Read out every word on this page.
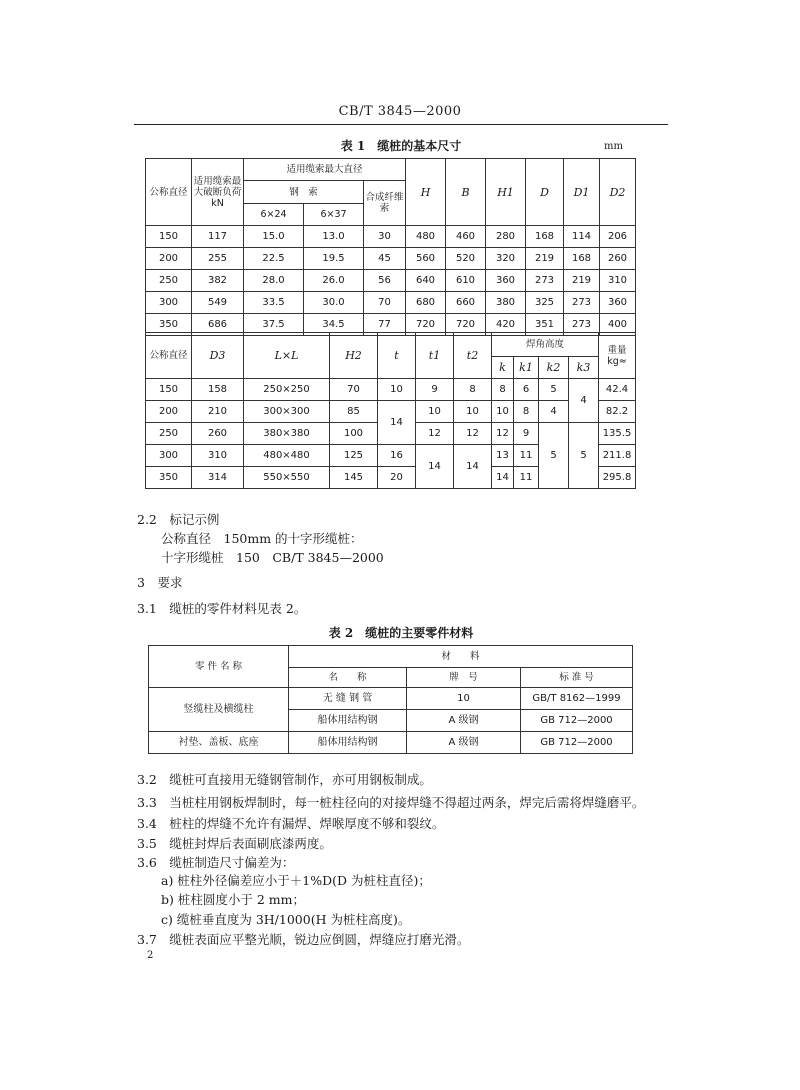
CB/T 3845—2000
表 1　缆桩的基本尺寸	mm
公称直径	适用缆索最大破断负荷 kN	适用缆索最大直径			H	B	H1	D	D1	D2
		钢　索		合成纤维索						
		6×24	6×37							
150	117	15.0	13.0	30	480	460	280	168	114	206
200	255	22.5	19.5	45	560	520	320	219	168	260
250	382	28.0	26.0	56	640	610	360	273	219	310
300	549	33.5	30.0	70	680	660	380	325	273	360
350	686	37.5	34.5	77	720	720	420	351	273	400
公称直径	D3	L×L	H2	t	t1	t2	焊角高度				重量 kg≈
							k	k1	k2	k3	
150	158	250×250	70	10	9	8	8	6	5	4	42.4
200	210	300×300	85	14	10	10	10	8	4		82.2
250	260	380×380	100		12	12	12	9	5	5	135.5
300	310	480×480	125	16	14	14	13	11			211.8
350	314	550×550	145	20			14	11			295.8
2.2　标记示例
公称直径　150mm 的十字形缆桩：
十字形缆桩　150　CB/T 3845—2000
3　要求
3.1　缆桩的零件材料见表 2。
表 2　缆桩的主要零件材料
零 件 名 称	材　　料		
	名　　称	牌　号	标 准 号
竖缆柱及横缆柱	无 缝 钢 管	10	GB/T 8162—1999
	船体用结构钢	A 级钢	GB 712—2000
衬垫、盖板、底座	船体用结构钢	A 级钢	GB 712—2000
3.2　缆桩可直接用无缝钢管制作，亦可用钢板制成。
3.3　当桩柱用钢板焊制时，每一桩柱径向的对接焊缝不得超过两条，焊完后需将焊缝磨平。
3.4　桩柱的焊缝不允许有漏焊、焊喉厚度不够和裂纹。
3.5　缆桩封焊后表面刷底漆两度。
3.6　缆桩制造尺寸偏差为：
a) 桩柱外径偏差应小于＋1%D(D 为桩柱直径)；
b) 桩柱圆度小于 2 mm；
c) 缆桩垂直度为 3H/1000(H 为桩柱高度)。
3.7　缆桩表面应平整光顺，锐边应倒圆，焊缝应打磨光滑。
2
